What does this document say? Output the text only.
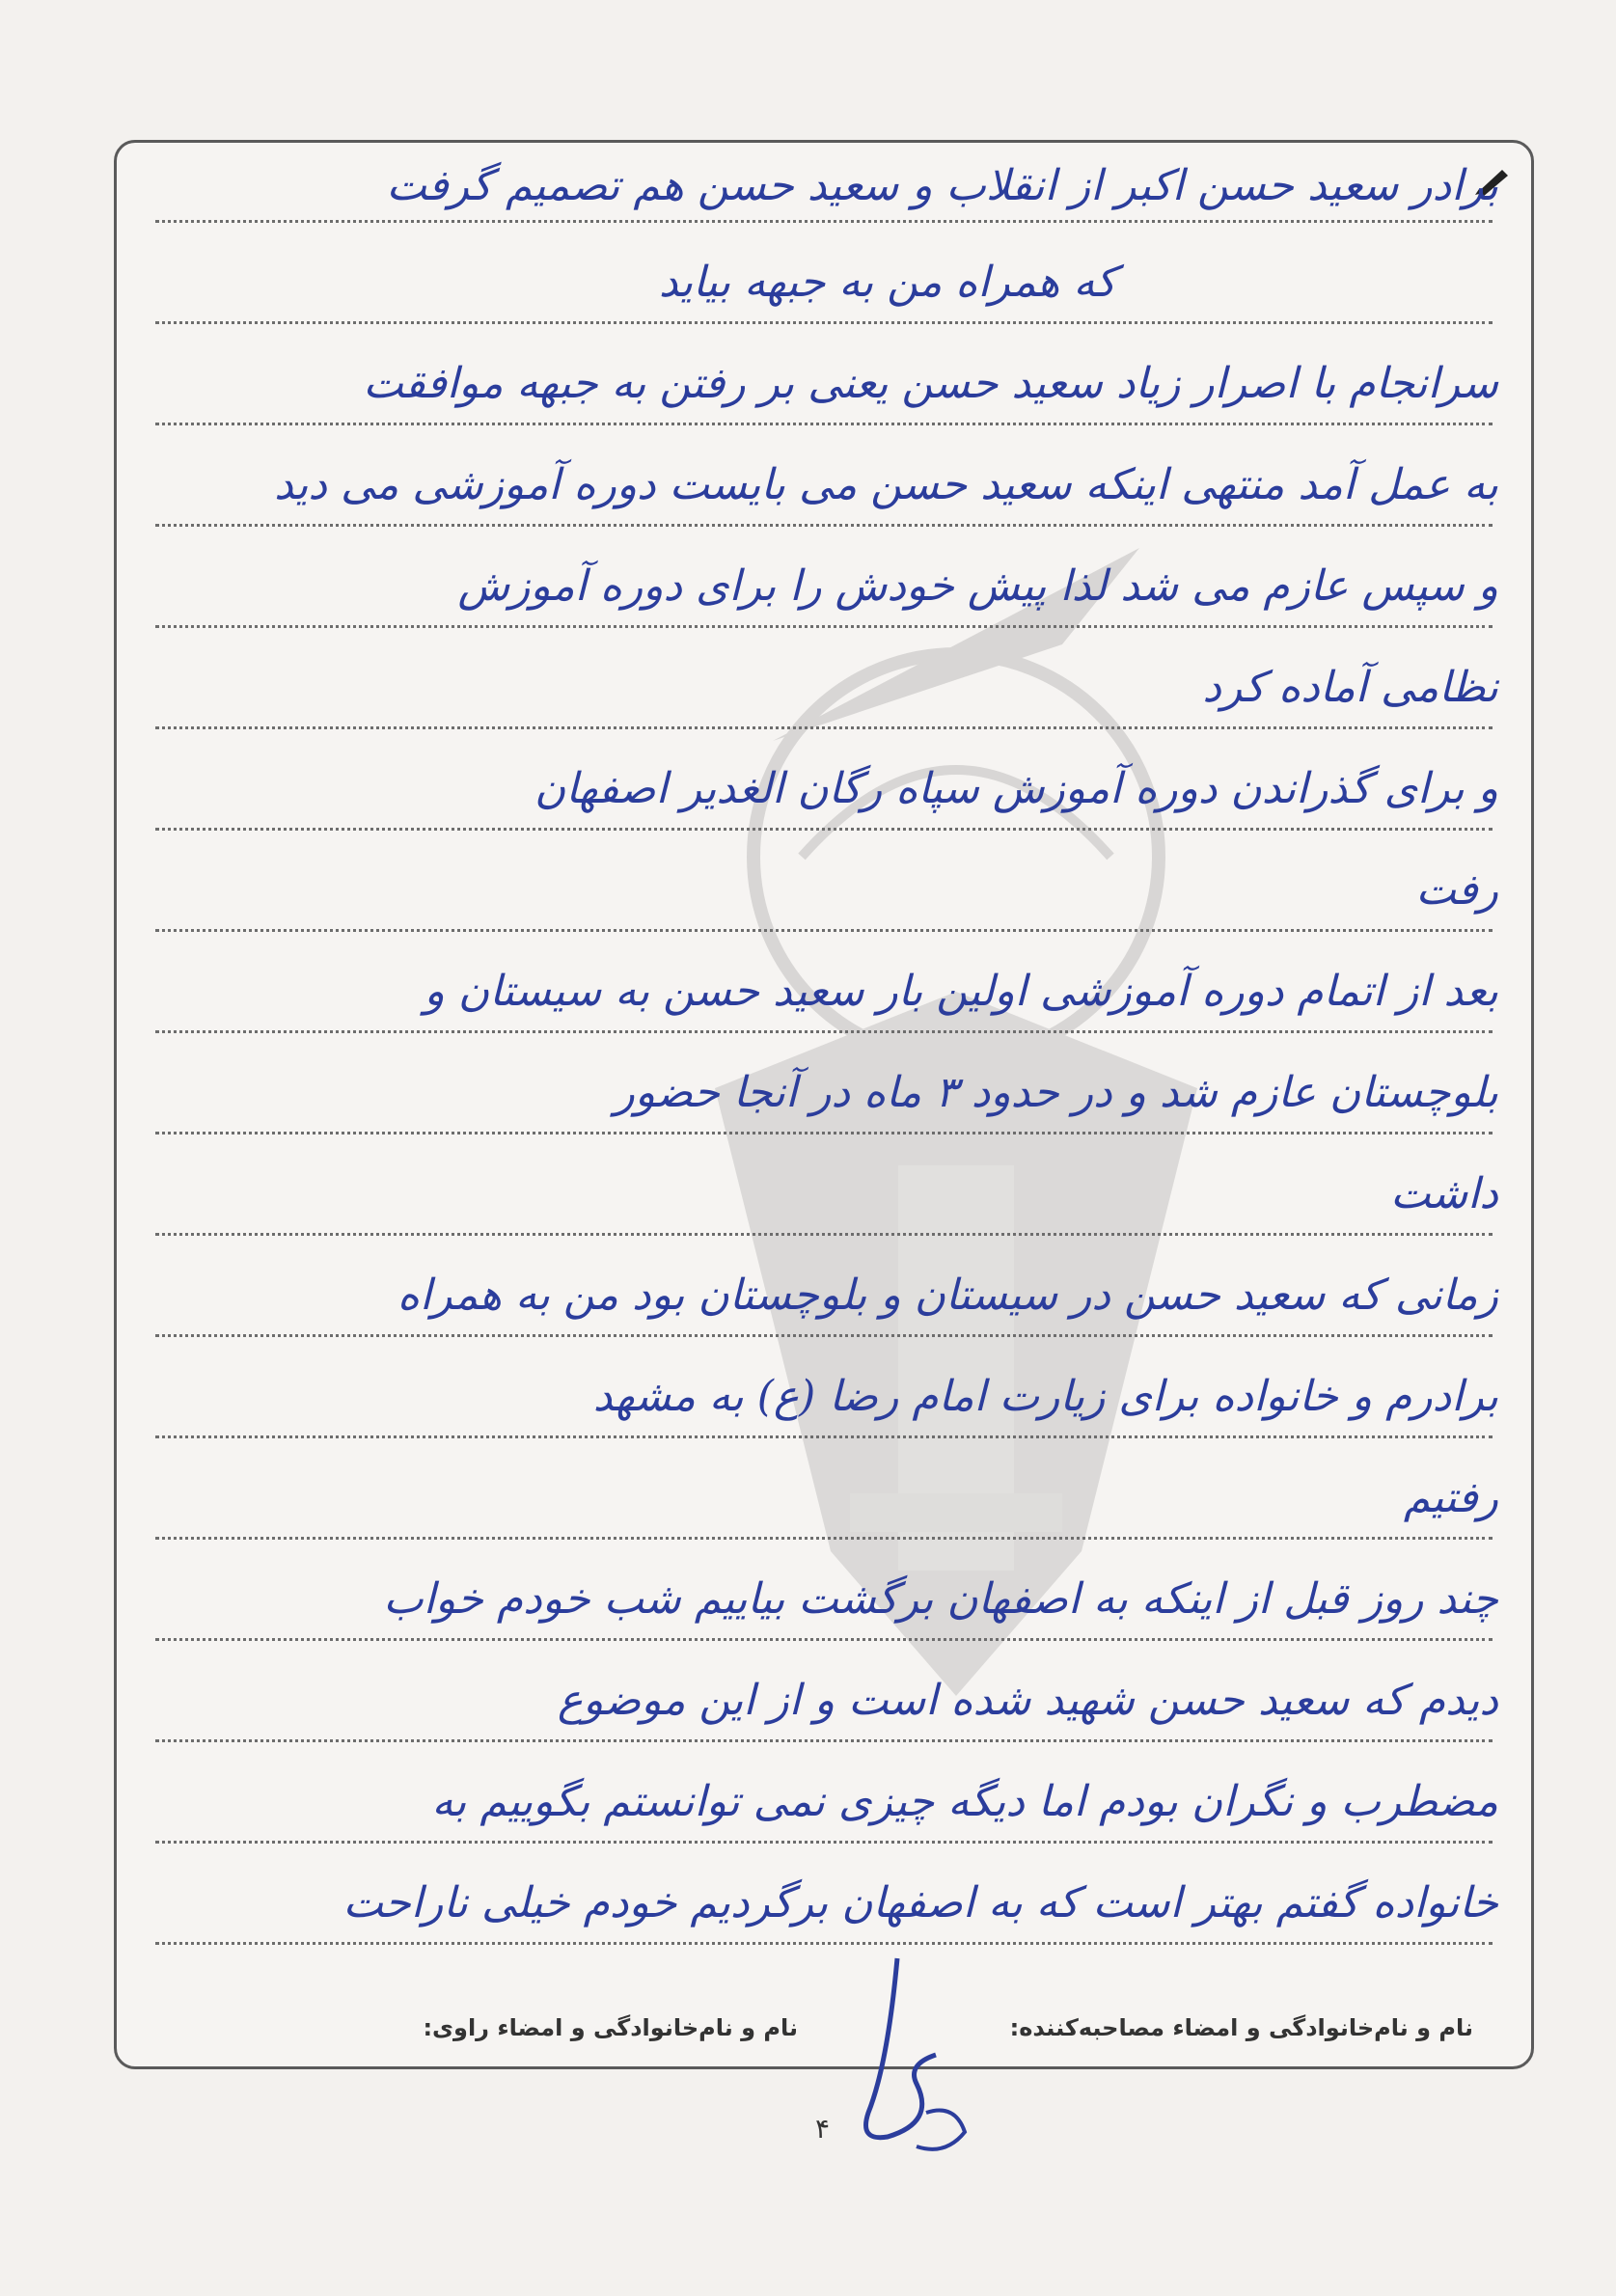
برادر سعید حسن اکبر از انقلاب و سعید حسن هم تصمیم گرفت
که همراه من به جبهه بیاید
سرانجام با اصرار زیاد سعید حسن یعنی بر رفتن به جبهه موافقت
به عمل آمد منتهی اینکه سعید حسن می بایست دوره آموزشی می دید
و سپس عازم می شد لذا پیش خودش را برای دوره آموزش
نظامی آماده کرد
و برای گذراندن دوره آموزش سپاه رگان الغدیر اصفهان
رفت
بعد از اتمام دوره آموزشی اولین بار سعید حسن به سیستان و
بلوچستان عازم شد و در حدود ۳ ماه در آنجا حضور
داشت
زمانی که سعید حسن در سیستان و بلوچستان بود من به همراه
برادرم و خانواده برای زیارت امام رضا (ع) به مشهد
رفتیم
چند روز قبل از اینکه به اصفهان برگشت بیاییم شب خودم خواب
دیدم که سعید حسن شهید شده است و از این موضوع
مضطرب و نگران بودم اما دیگه چیزی نمی توانستم بگوییم به
خانواده گفتم بهتر است که به اصفهان برگردیم خودم خیلی ناراحت
نام و نام‌خانوادگی و امضاء مصاحبه‌کننده:
نام و نام‌خانوادگی و امضاء راوی:
۴
